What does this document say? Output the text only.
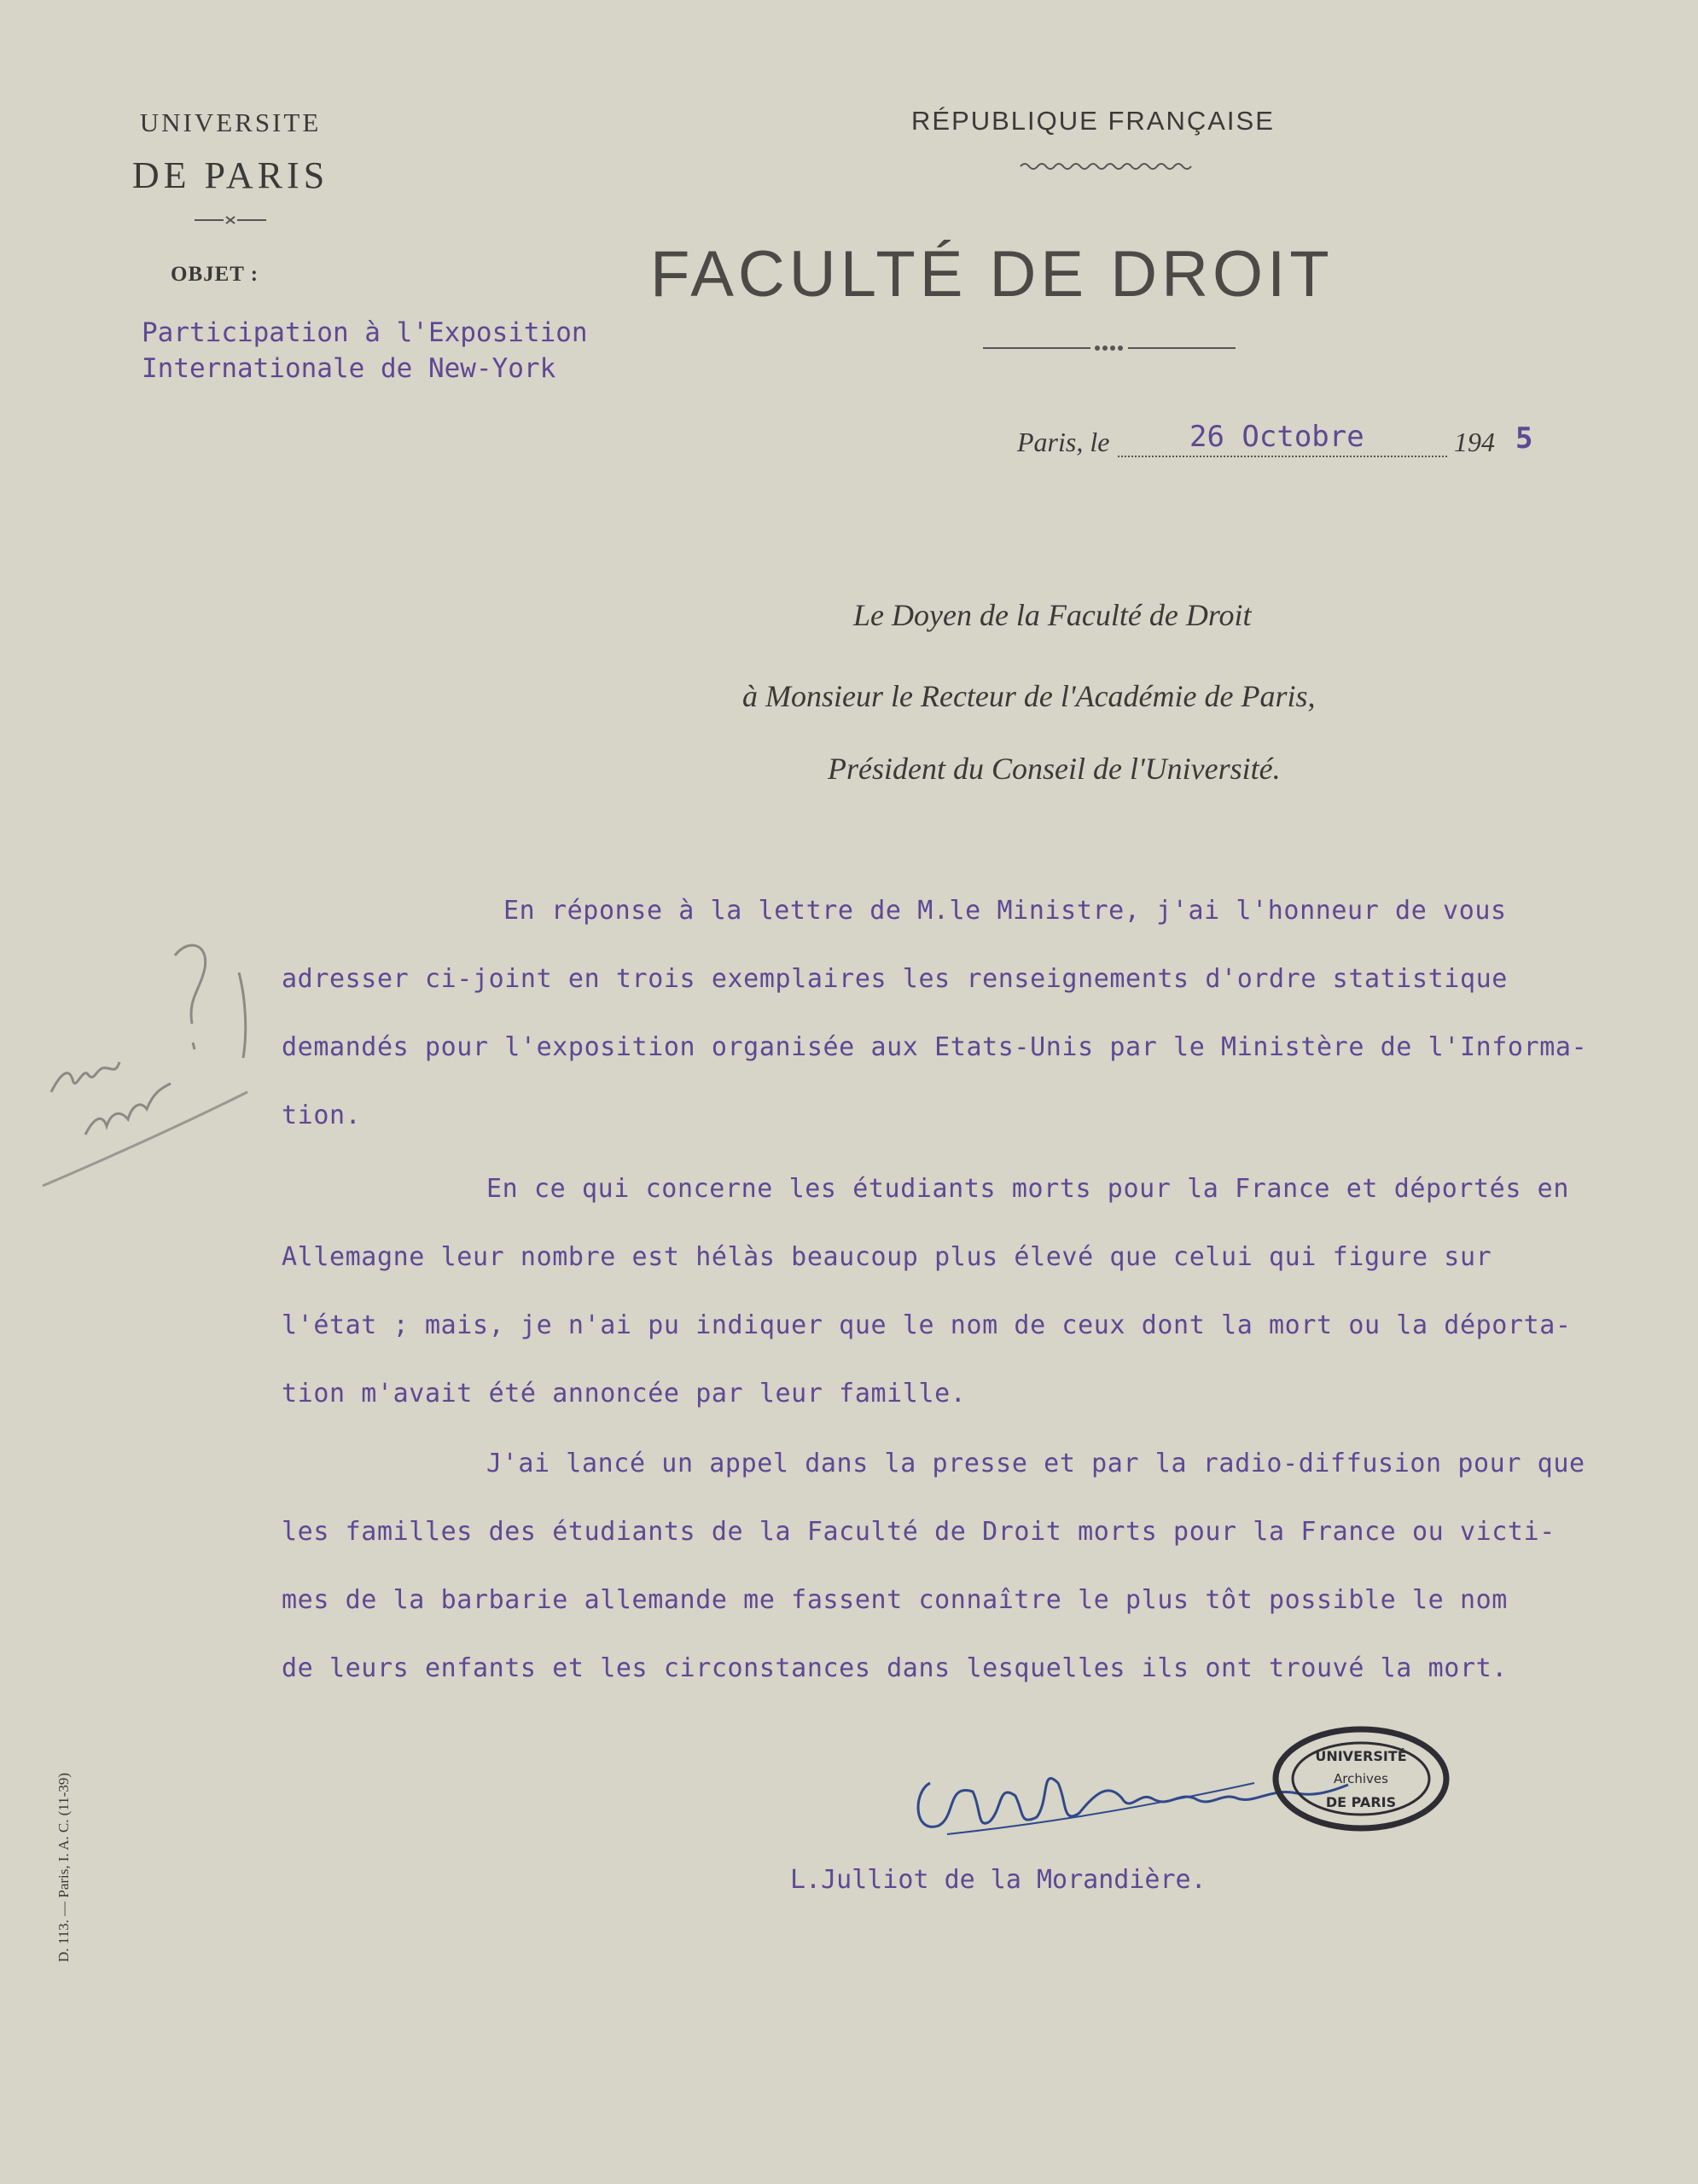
UNIVERSITE
DE PARIS
OBJET :
Participation à l'Exposition
Internationale de New-York
RÉPUBLIQUE FRANÇAISE
FACULTÉ DE DROIT
Paris, le	26 Octobre	194 5
Le Doyen de la Faculté de Droit
à Monsieur le Recteur de l'Académie de Paris,
Président du Conseil de l'Université.
En réponse à la lettre de M.le Ministre, j'ai l'honneur de vous
adresser ci-joint en trois exemplaires les renseignements d'ordre statistique
demandés pour l'exposition organisée aux Etats-Unis par le Ministère de l'Informa-
tion.
En ce qui concerne les étudiants morts pour la France et déportés en
Allemagne leur nombre est hélàs beaucoup plus élevé que celui qui figure sur
l'état ; mais, je n'ai pu indiquer que le nom de ceux dont la mort ou la déporta-
tion m'avait été annoncée par leur famille.
J'ai lancé un appel dans la presse et par la radio-diffusion pour que
les familles des étudiants de la Faculté de Droit morts pour la France ou victi-
mes de la barbarie allemande me fassent connaître le plus tôt possible le nom
de leurs enfants et les circonstances dans lesquelles ils ont trouvé la mort.
UNIVERSITÉ
Archives
DE PARIS
L.Julliot de la Morandière.
D. 113. — Paris, I. A. C. (11-39)
